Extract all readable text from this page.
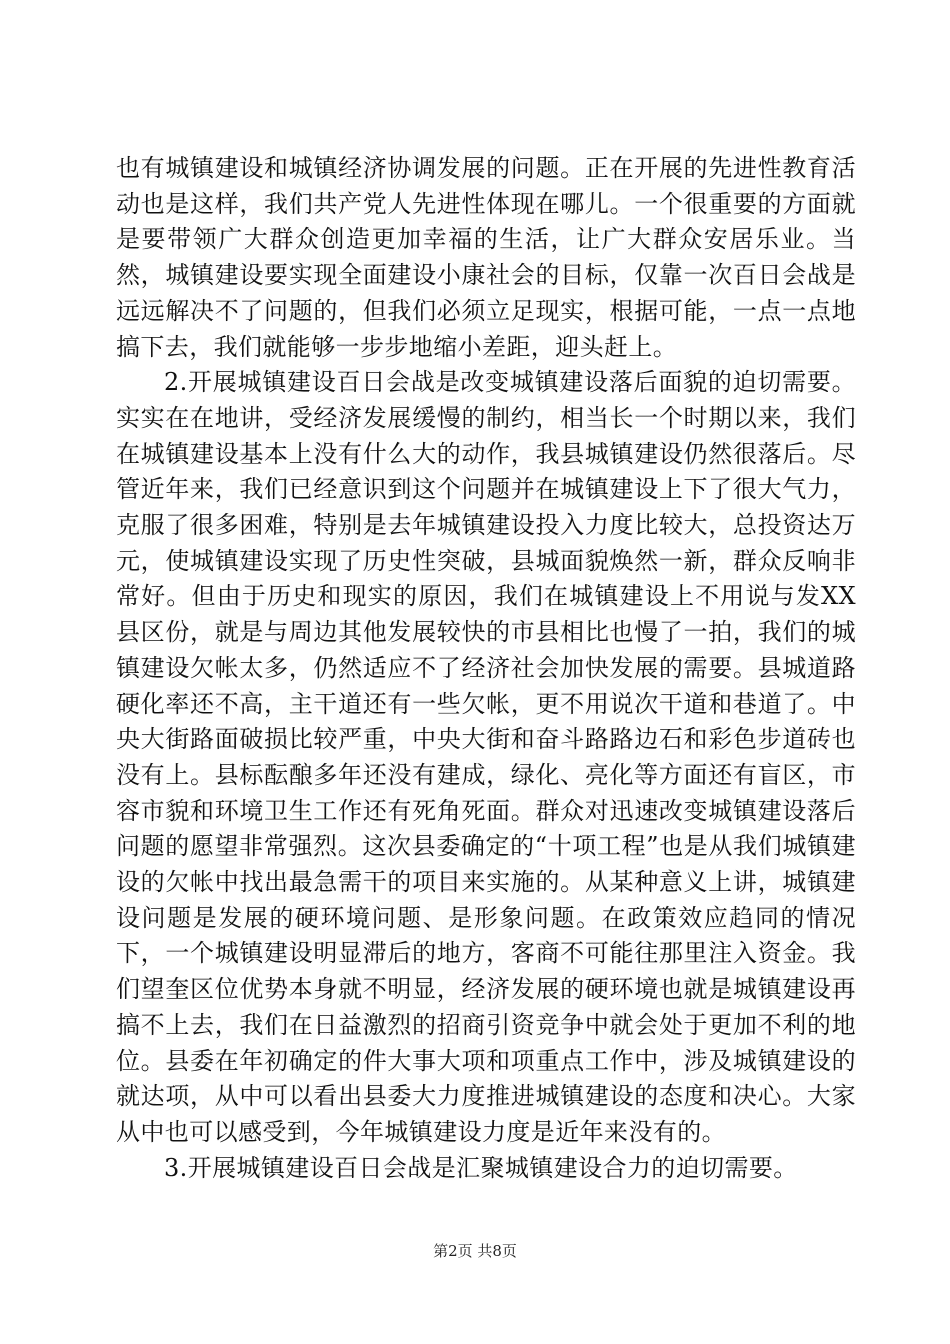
也有城镇建设和城镇经济协调发展的问题。正在开展的先进性教育活动也是这样，我们共产党人先进性体现在哪儿。一个很重要的方面就是要带领广大群众创造更加幸福的生活，让广大群众安居乐业。当然，城镇建设要实现全面建设小康社会的目标，仅靠一次百日会战是远远解决不了问题的，但我们必须立足现实，根据可能，一点一点地搞下去，我们就能够一步步地缩小差距，迎头赶上。

2.开展城镇建设百日会战是改变城镇建设落后面貌的迫切需要。实实在在地讲，受经济发展缓慢的制约，相当长一个时期以来，我们在城镇建设基本上没有什么大的动作，我县城镇建设仍然很落后。尽管近年来，我们已经意识到这个问题并在城镇建设上下了很大气力，克服了很多困难，特别是去年城镇建设投入力度比较大，总投资达万元，使城镇建设实现了历史性突破，县城面貌焕然一新，群众反响非常好。但由于历史和现实的原因，我们在城镇建设上不用说与发XX县区份，就是与周边其他发展较快的市县相比也慢了一拍，我们的城镇建设欠帐太多，仍然适应不了经济社会加快发展的需要。县城道路硬化率还不高，主干道还有一些欠帐，更不用说次干道和巷道了。中央大街路面破损比较严重，中央大街和奋斗路路边石和彩色步道砖也没有上。县标酝酿多年还没有建成，绿化、亮化等方面还有盲区，市容市貌和环境卫生工作还有死角死面。群众对迅速改变城镇建设落后问题的愿望非常强烈。这次县委确定的“十项工程”也是从我们城镇建设的欠帐中找出最急需干的项目来实施的。从某种意义上讲，城镇建设问题是发展的硬环境问题、是形象问题。在政策效应趋同的情况下，一个城镇建设明显滞后的地方，客商不可能往那里注入资金。我们望奎区位优势本身就不明显，经济发展的硬环境也就是城镇建设再搞不上去，我们在日益激烈的招商引资竞争中就会处于更加不利的地位。县委在年初确定的件大事大项和项重点工作中，涉及城镇建设的就达项，从中可以看出县委大力度推进城镇建设的态度和决心。大家从中也可以感受到，今年城镇建设力度是近年来没有的。

3.开展城镇建设百日会战是汇聚城镇建设合力的迫切需要。

第2页 共8页
